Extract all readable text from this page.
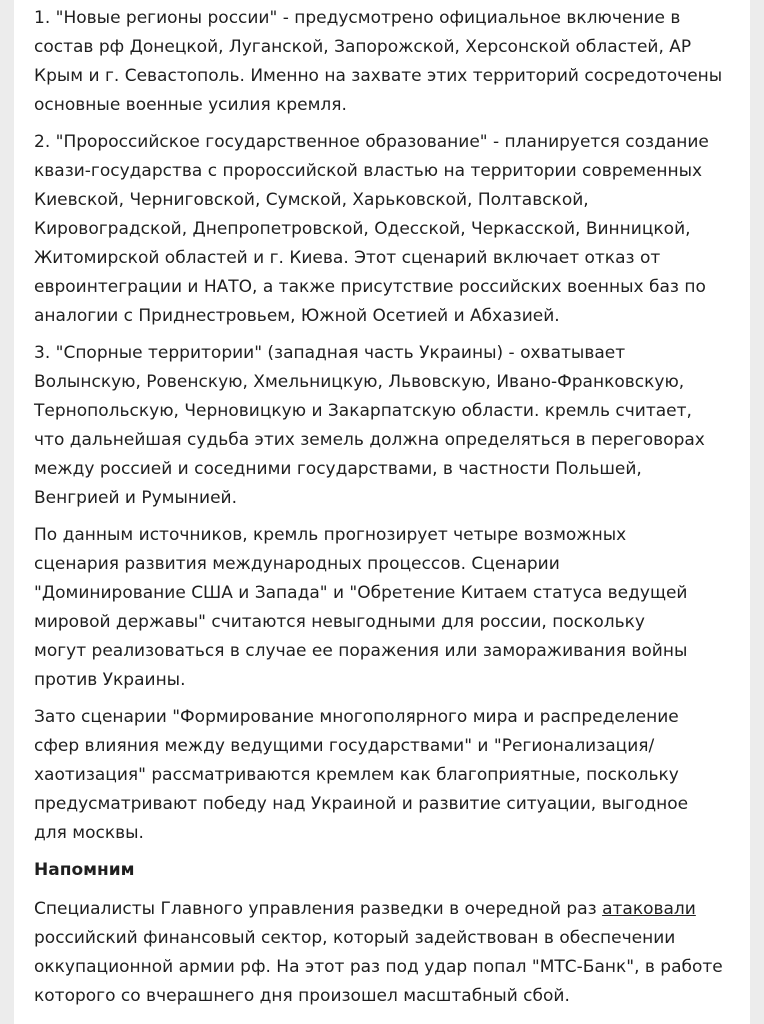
1. "Новые регионы россии" - предусмотрено официальное включение в
состав рф Донецкой, Луганской, Запорожской, Херсонской областей, АР
Крым и г. Севастополь. Именно на захвате этих территорий сосредоточены
основные военные усилия кремля.

2. "Пророссийское государственное образование" - планируется создание
квази-государства с пророссийской властью на территории современных
Киевской, Черниговской, Сумской, Харьковской, Полтавской,
Кировоградской, Днепропетровской, Одесской, Черкасской, Винницкой,
Житомирской областей и г. Киева. Этот сценарий включает отказ от
евроинтеграции и НАТО, а также присутствие российских военных баз по
аналогии с Приднестровьем, Южной Осетией и Абхазией.

3. "Спорные территории" (западная часть Украины) - охватывает
Волынскую, Ровенскую, Хмельницкую, Львовскую, Ивано-Франковскую,
Тернопольскую, Черновицкую и Закарпатскую области. кремль считает,
что дальнейшая судьба этих земель должна определяться в переговорах
между россией и соседними государствами, в частности Польшей,
Венгрией и Румынией.

По данным источников, кремль прогнозирует четыре возможных
сценария развития международных процессов. Сценарии
"Доминирование США и Запада" и "Обретение Китаем статуса ведущей
мировой державы" считаются невыгодными для россии, поскольку
могут реализоваться в случае ее поражения или замораживания войны
против Украины.

Зато сценарии "Формирование многополярного мира и распределение
сфер влияния между ведущими государствами" и "Регионализация/
хаотизация" рассматриваются кремлем как благоприятные, поскольку
предусматривают победу над Украиной и развитие ситуации, выгодное
для москвы.

Напомним

Специалисты Главного управления разведки в очередной раз атаковали
российский финансовый сектор, который задействован в обеспечении
оккупационной армии рф. На этот раз под удар попал "МТС-Банк", в работе
которого со вчерашнего дня произошел масштабный сбой.
